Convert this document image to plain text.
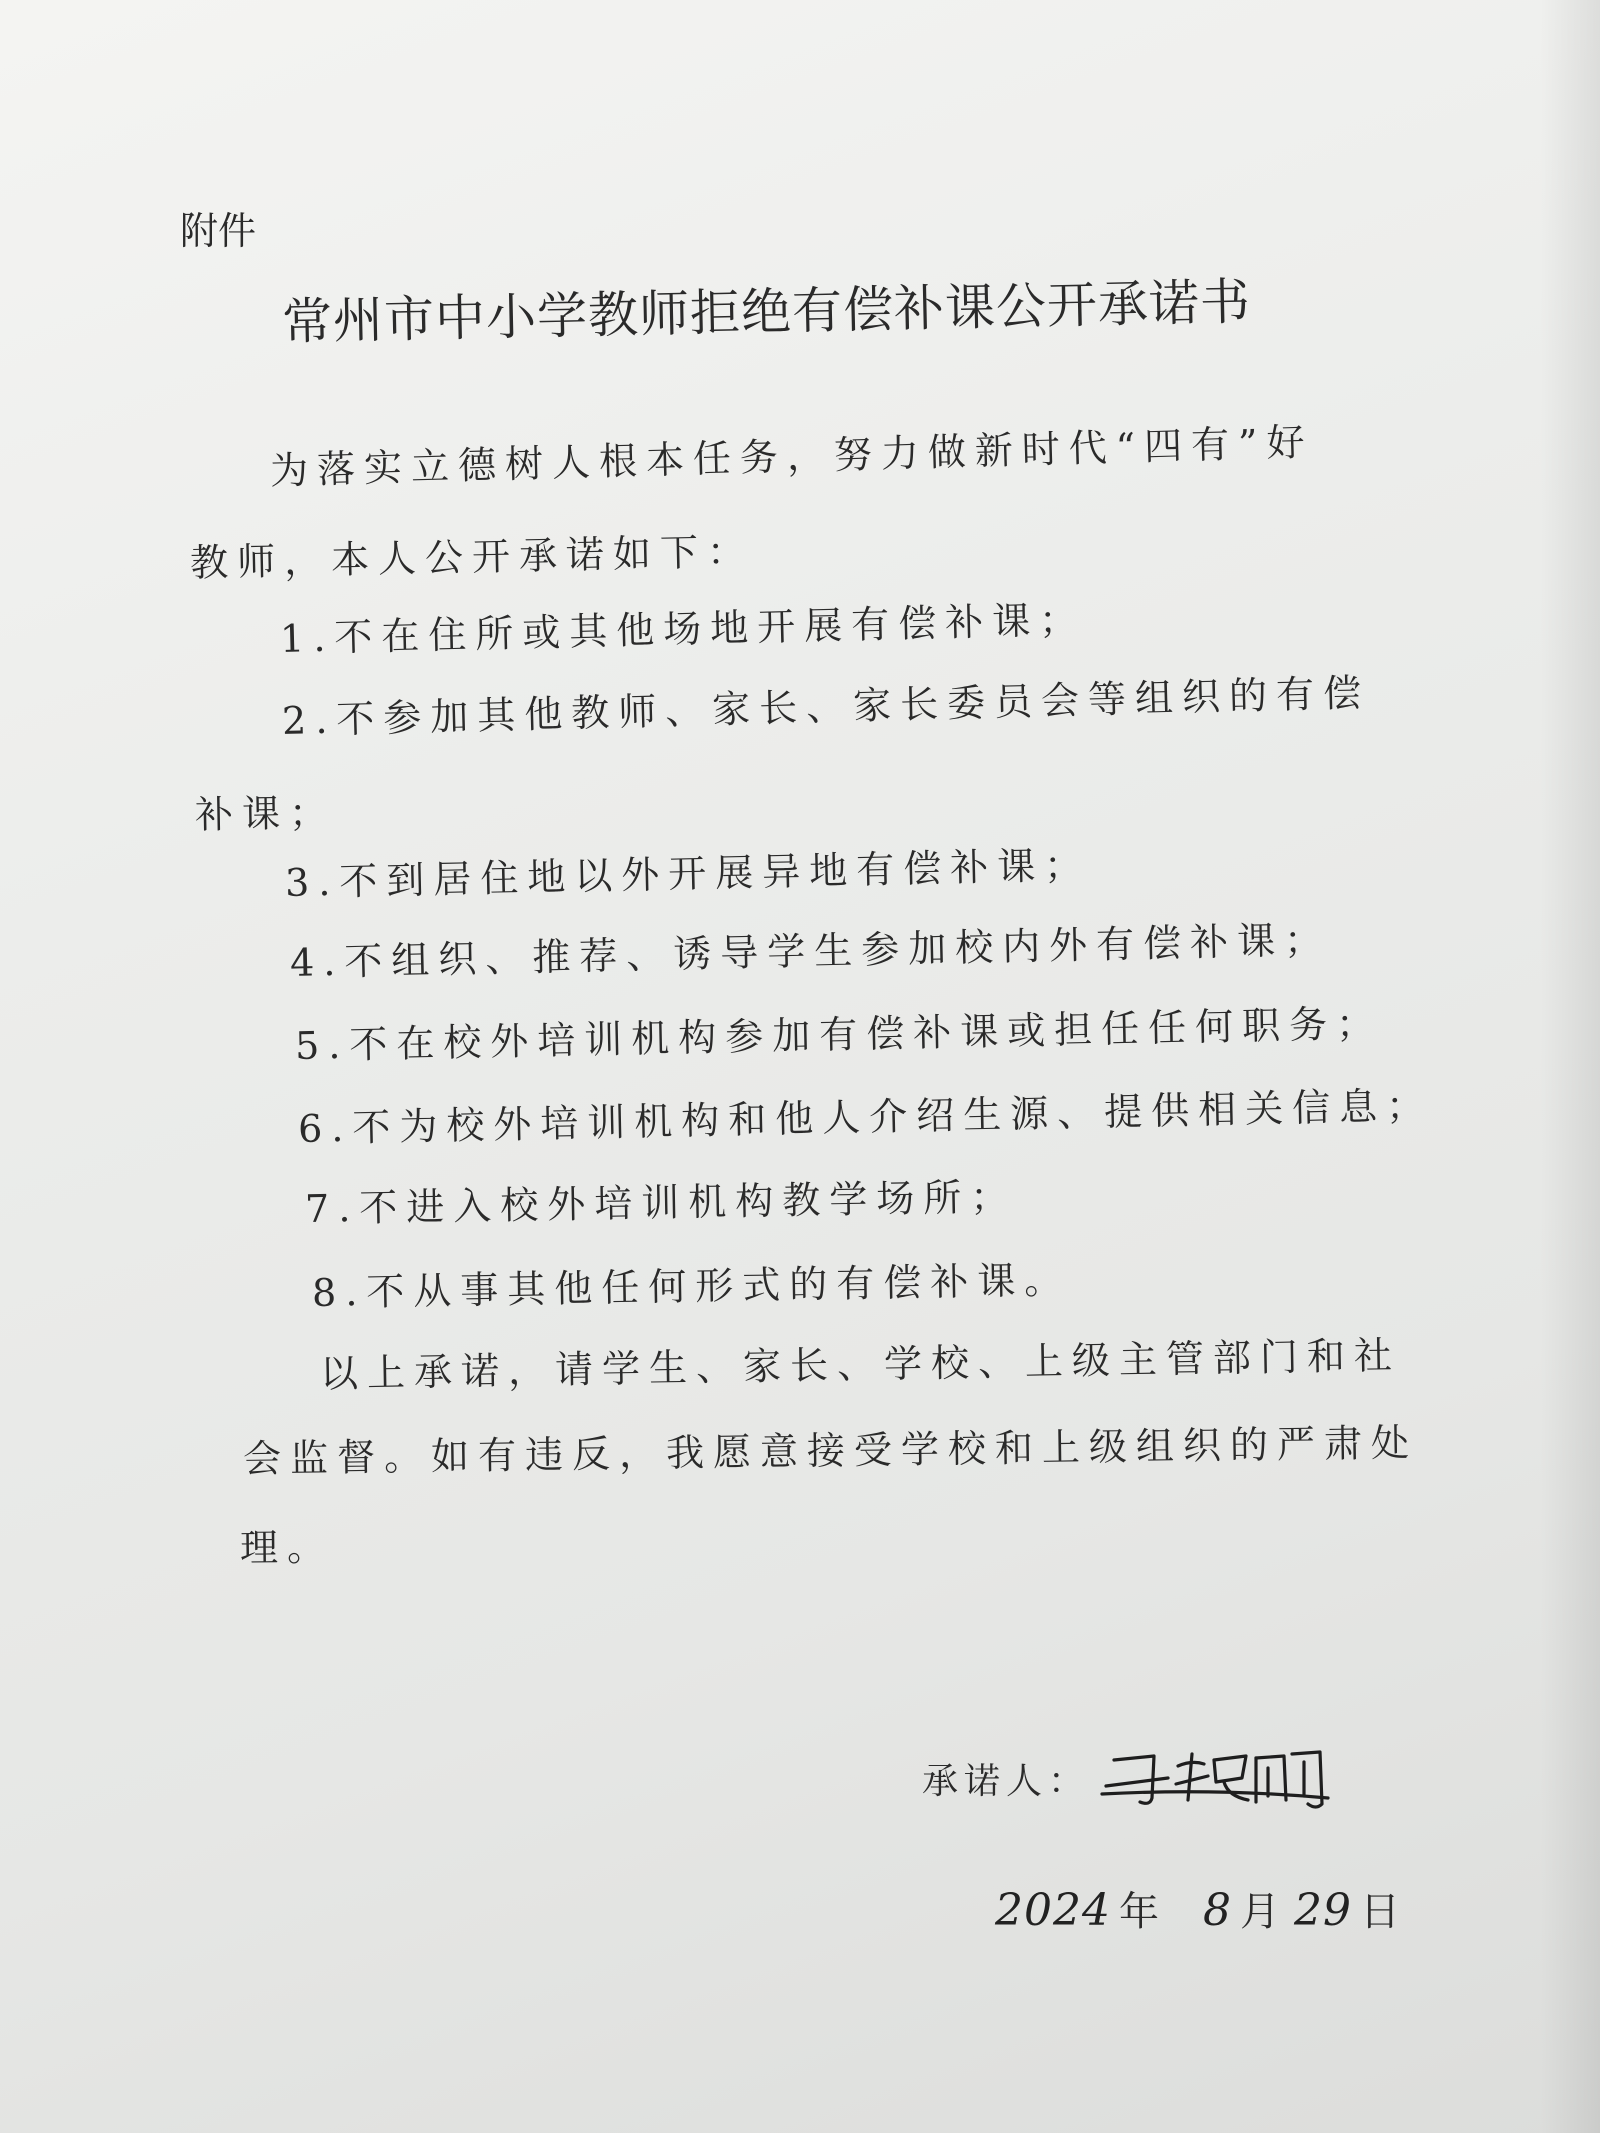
附件
常州市中小学教师拒绝有偿补课公开承诺书
为落实立德树人根本任务，努力做新时代“四有”好
教师，本人公开承诺如下：
1.不在住所或其他场地开展有偿补课；
2.不参加其他教师、家长、家长委员会等组织的有偿
补课；
3.不到居住地以外开展异地有偿补课；
4.不组织、推荐、诱导学生参加校内外有偿补课；
5.不在校外培训机构参加有偿补课或担任任何职务；
6.不为校外培训机构和他人介绍生源、提供相关信息；
7.不进入校外培训机构教学场所；
8.不从事其他任何形式的有偿补课。
以上承诺，请学生、家长、学校、上级主管部门和社
会监督。如有违反，我愿意接受学校和上级组织的严肃处
理。
承诺人：
2024 年 8 月 29 日
